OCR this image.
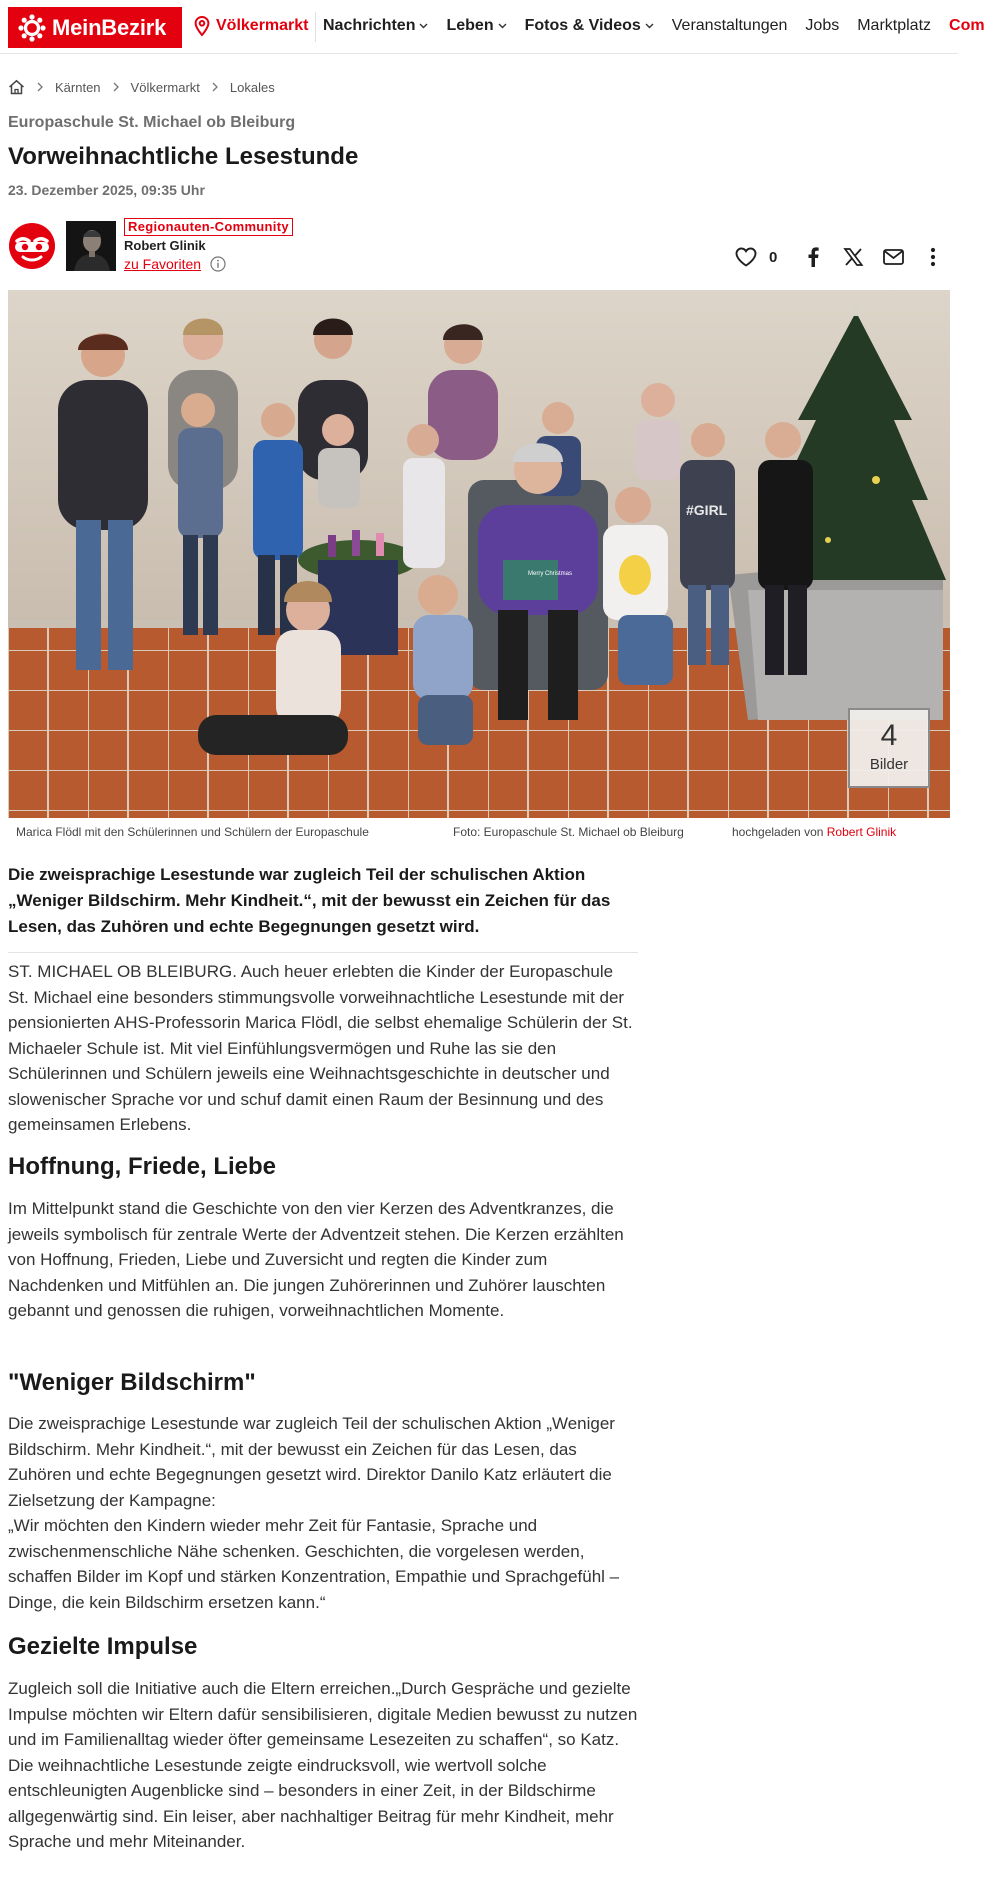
MeinBezirk	Völkermarkt Nachrichten Leben Fotos & Videos Veranstaltungen Jobs Marktplatz Com
Kärnten Völkermarkt Lokales
Europaschule St. Michael ob Bleiburg
Vorweihnachtliche Lesestunde
23. Dezember 2025, 09:35 Uhr
Regionauten-Community
Robert Glinik
zu Favoriten	0
#GIRL
Merry Christmas
4
Bilder
Marica Flödl mit den Schülerinnen und Schülern der Europaschule	Foto: Europaschule St. Michael ob Bleiburg	hochgeladen von Robert Glinik

Die zweisprachige Lesestunde war zugleich Teil der schulischen Aktion „Weniger Bildschirm. Mehr Kindheit.“, mit der bewusst ein Zeichen für das Lesen, das Zuhören und echte Begegnungen gesetzt wird.

ST. MICHAEL OB BLEIBURG. Auch heuer erlebten die Kinder der Europaschule St. Michael eine besonders stimmungsvolle vorweihnachtliche Lesestunde mit der pensionierten AHS-Professorin Marica Flödl, die selbst ehemalige Schülerin der St. Michaeler Schule ist. Mit viel Einfühlungsvermögen und Ruhe las sie den Schülerinnen und Schülern jeweils eine Weihnachtsgeschichte in deutscher und slowenischer Sprache vor und schuf damit einen Raum der Besinnung und des gemeinsamen Erlebens.

Hoffnung, Friede, Liebe

Im Mittelpunkt stand die Geschichte von den vier Kerzen des Adventkranzes, die jeweils symbolisch für zentrale Werte der Adventzeit stehen. Die Kerzen erzählten von Hoffnung, Frieden, Liebe und Zuversicht und regten die Kinder zum Nachdenken und Mitfühlen an. Die jungen Zuhörerinnen und Zuhörer lauschten gebannt und genossen die ruhigen, vorweihnachtlichen Momente.

"Weniger Bildschirm"

Die zweisprachige Lesestunde war zugleich Teil der schulischen Aktion „Weniger Bildschirm. Mehr Kindheit.“, mit der bewusst ein Zeichen für das Lesen, das Zuhören und echte Begegnungen gesetzt wird. Direktor Danilo Katz erläutert die Zielsetzung der Kampagne:

„Wir möchten den Kindern wieder mehr Zeit für Fantasie, Sprache und zwischenmenschliche Nähe schenken. Geschichten, die vorgelesen werden, schaffen Bilder im Kopf und stärken Konzentration, Empathie und Sprachgefühl – Dinge, die kein Bildschirm ersetzen kann.“

Gezielte Impulse

Zugleich soll die Initiative auch die Eltern erreichen.„Durch Gespräche und gezielte Impulse möchten wir Eltern dafür sensibilisieren, digitale Medien bewusst zu nutzen und im Familienalltag wieder öfter gemeinsame Lesezeiten zu schaffen“, so Katz. Die weihnachtliche Lesestunde zeigte eindrucksvoll, wie wertvoll solche entschleunigten Augenblicke sind – besonders in einer Zeit, in der Bildschirme allgegenwärtig sind. Ein leiser, aber nachhaltiger Beitrag für mehr Kindheit, mehr Sprache und mehr Miteinander.
